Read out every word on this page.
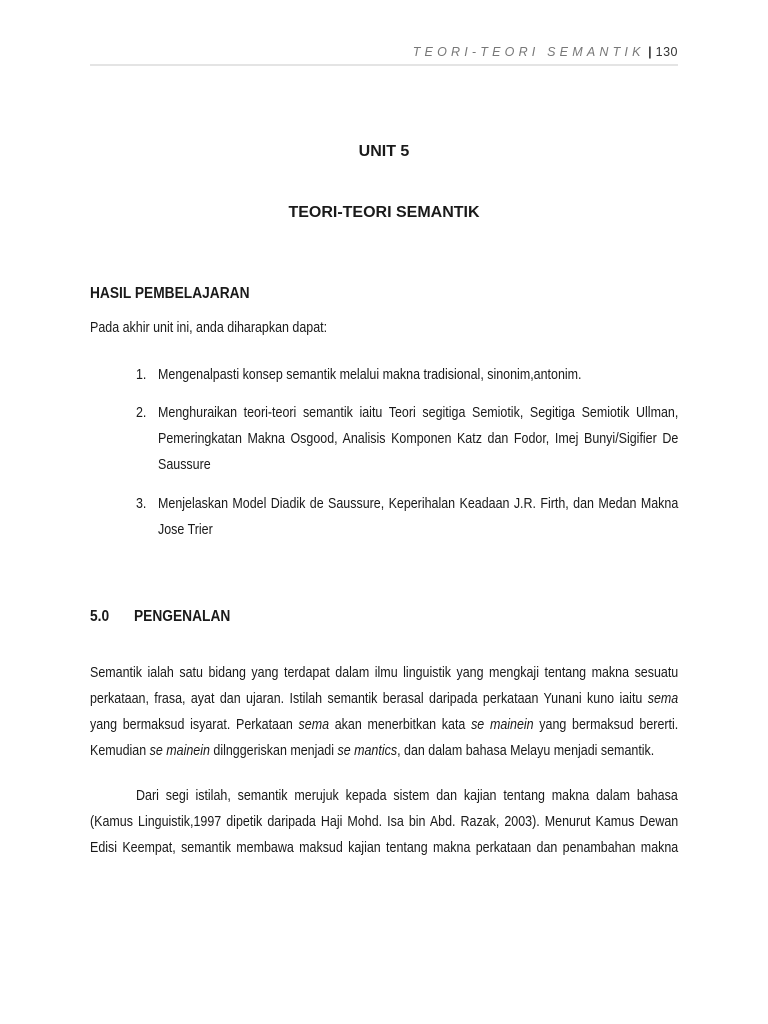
TEORI-TEORI SEMANTIK | 130
UNIT 5
TEORI-TEORI SEMANTIK
HASIL PEMBELAJARAN
Pada akhir unit ini, anda diharapkan dapat:
1. Mengenalpasti konsep semantik melalui makna tradisional, sinonim,antonim.
2. Menghuraikan teori-teori semantik iaitu Teori segitiga Semiotik, Segitiga Semiotik Ullman,
Pemeringkatan Makna Osgood, Analisis Komponen Katz dan Fodor, Imej Bunyi/Sigifier De
Saussure
3. Menjelaskan Model Diadik de Saussure, Keperihalan Keadaan J.R. Firth, dan Medan Makna
Jose Trier
5.0 PENGENALAN
Semantik ialah satu bidang yang terdapat dalam ilmu linguistik yang mengkaji tentang makna sesuatu
perkataan, frasa, ayat dan ujaran. Istilah semantik berasal daripada perkataan Yunani kuno iaitu sema
yang bermaksud isyarat. Perkataan sema akan menerbitkan kata se mainein yang bermaksud bererti.
Kemudian se mainein dilnggeriskan menjadi se mantics, dan dalam bahasa Melayu menjadi semantik.
Dari segi istilah, semantik merujuk kepada sistem dan kajian tentang makna dalam bahasa
(Kamus Linguistik,1997 dipetik daripada Haji Mohd. Isa bin Abd. Razak, 2003). Menurut Kamus Dewan
Edisi Keempat, semantik membawa maksud kajian tentang makna perkataan dan penambahan makna
